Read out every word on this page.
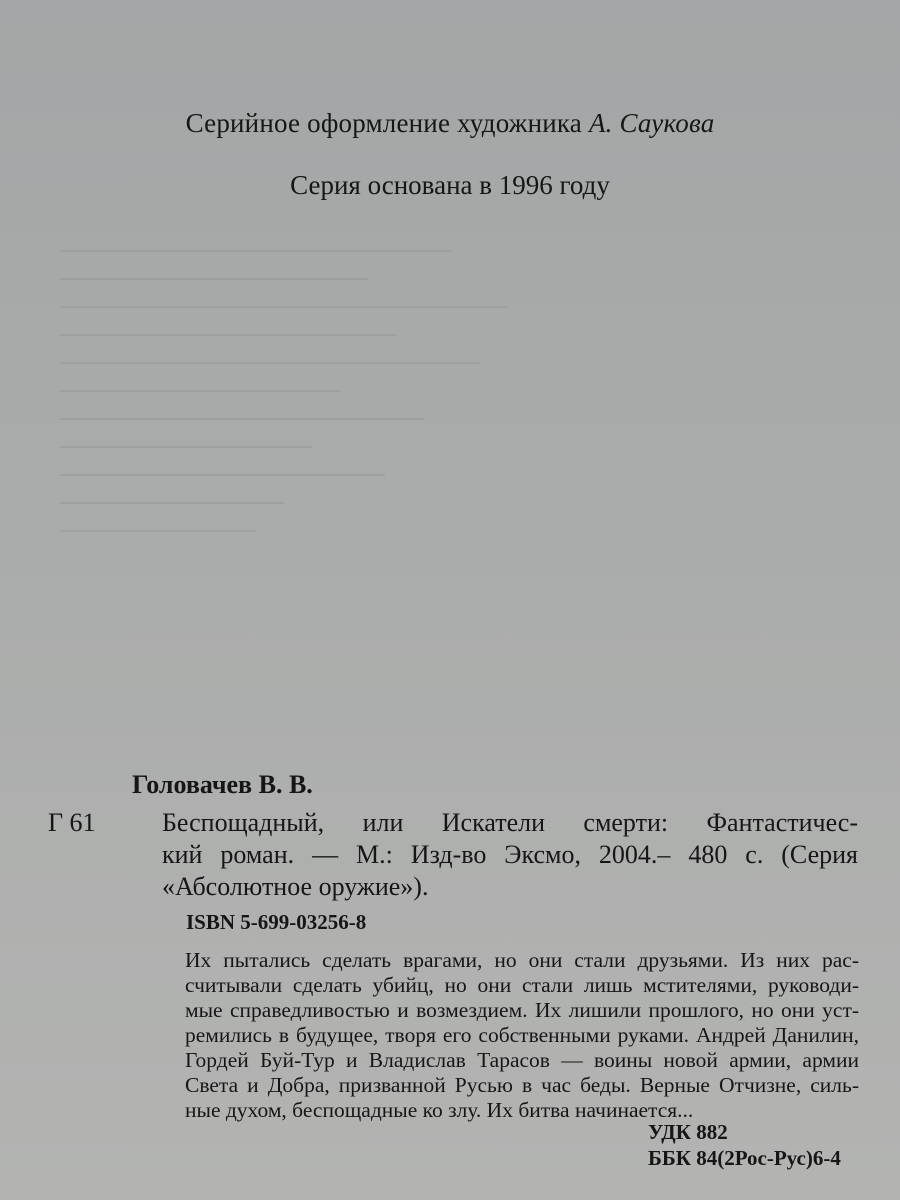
Серийное оформление художника А. Саукова
Серия основана в 1996 году
Головачев В. В.
Г 61	Беспощадный, или Искатели смерти: Фантастичес-
кий роман. — М.: Изд-во Эксмо, 2004.– 480 с. (Серия
«Абсолютное оружие»).
ISBN 5-699-03256-8
Их пытались сделать врагами, но они стали друзьями. Из них рас-
считывали сделать убийц, но они стали лишь мстителями, руководи-
мые справедливостью и возмездием. Их лишили прошлого, но они уст-
ремились в будущее, творя его собственными руками. Андрей Данилин,
Гордей Буй-Тур и Владислав Тарасов — воины новой армии, армии
Света и Добра, призванной Русью в час беды. Верные Отчизне, силь-
ные духом, беспощадные ко злу. Их битва начинается...
УДК 882
ББК 84(2Рос-Рус)6-4
